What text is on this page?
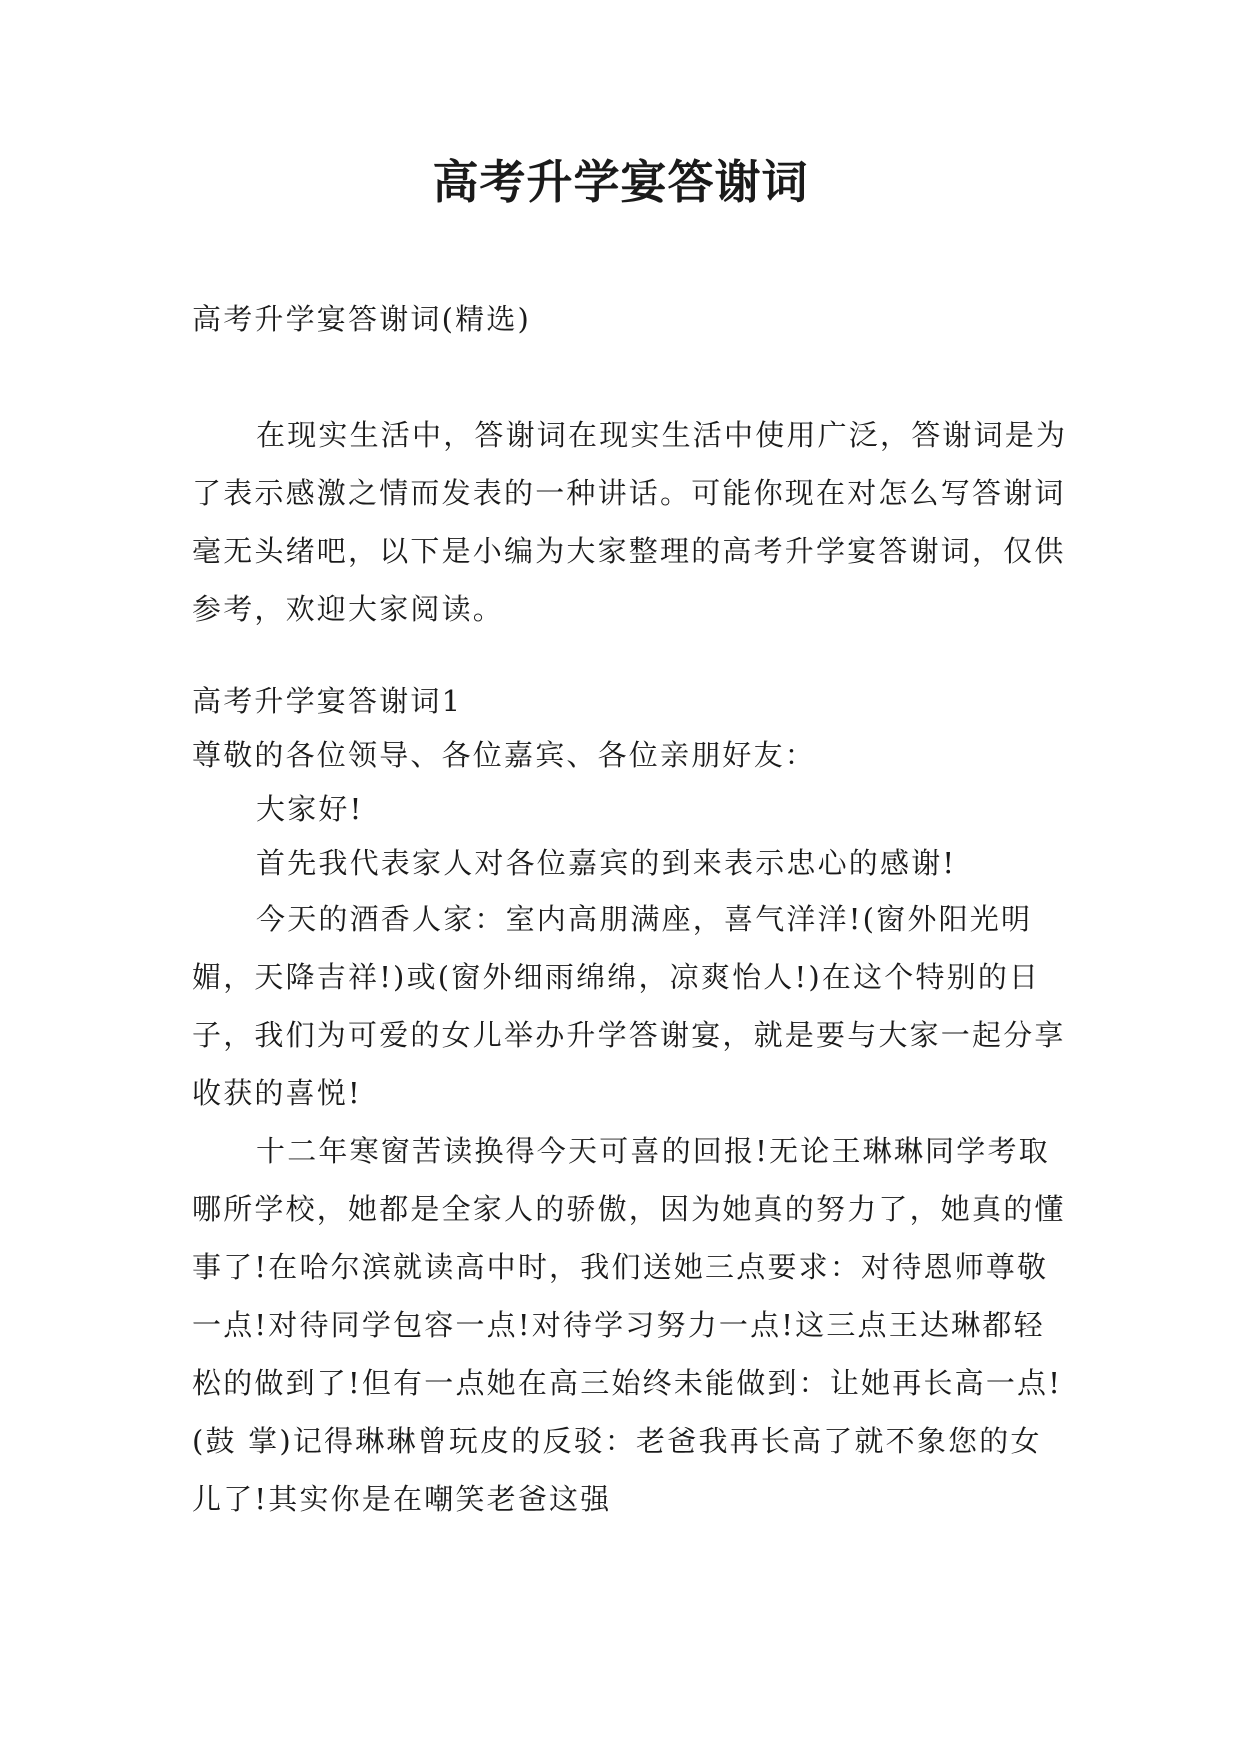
高考升学宴答谢词

高考升学宴答谢词(精选)

在现实生活中，答谢词在现实生活中使用广泛，答谢词是为了表示感激之情而发表的一种讲话。可能你现在对怎么写答谢词毫无头绪吧，以下是小编为大家整理的高考升学宴答谢词，仅供参考，欢迎大家阅读。

高考升学宴答谢词1

尊敬的各位领导、各位嘉宾、各位亲朋好友：

大家好!

首先我代表家人对各位嘉宾的到来表示忠心的感谢!

今天的酒香人家：室内高朋满座，喜气洋洋!(窗外阳光明媚，天降吉祥!)或(窗外细雨绵绵，凉爽怡人!)在这个特别的日子，我们为可爱的女儿举办升学答谢宴，就是要与大家一起分享收获的喜悦!

十二年寒窗苦读换得今天可喜的回报!无论王琳琳同学考取哪所学校，她都是全家人的骄傲，因为她真的努力了，她真的懂事了!在哈尔滨就读高中时，我们送她三点要求：对待恩师尊敬一点!对待同学包容一点!对待学习努力一点!这三点王达琳都轻松的做到了!但有一点她在高三始终未能做到：让她再长高一点!(鼓 掌)记得琳琳曾玩皮的反驳：老爸我再长高了就不象您的女儿了!其实你是在嘲笑老爸这强
